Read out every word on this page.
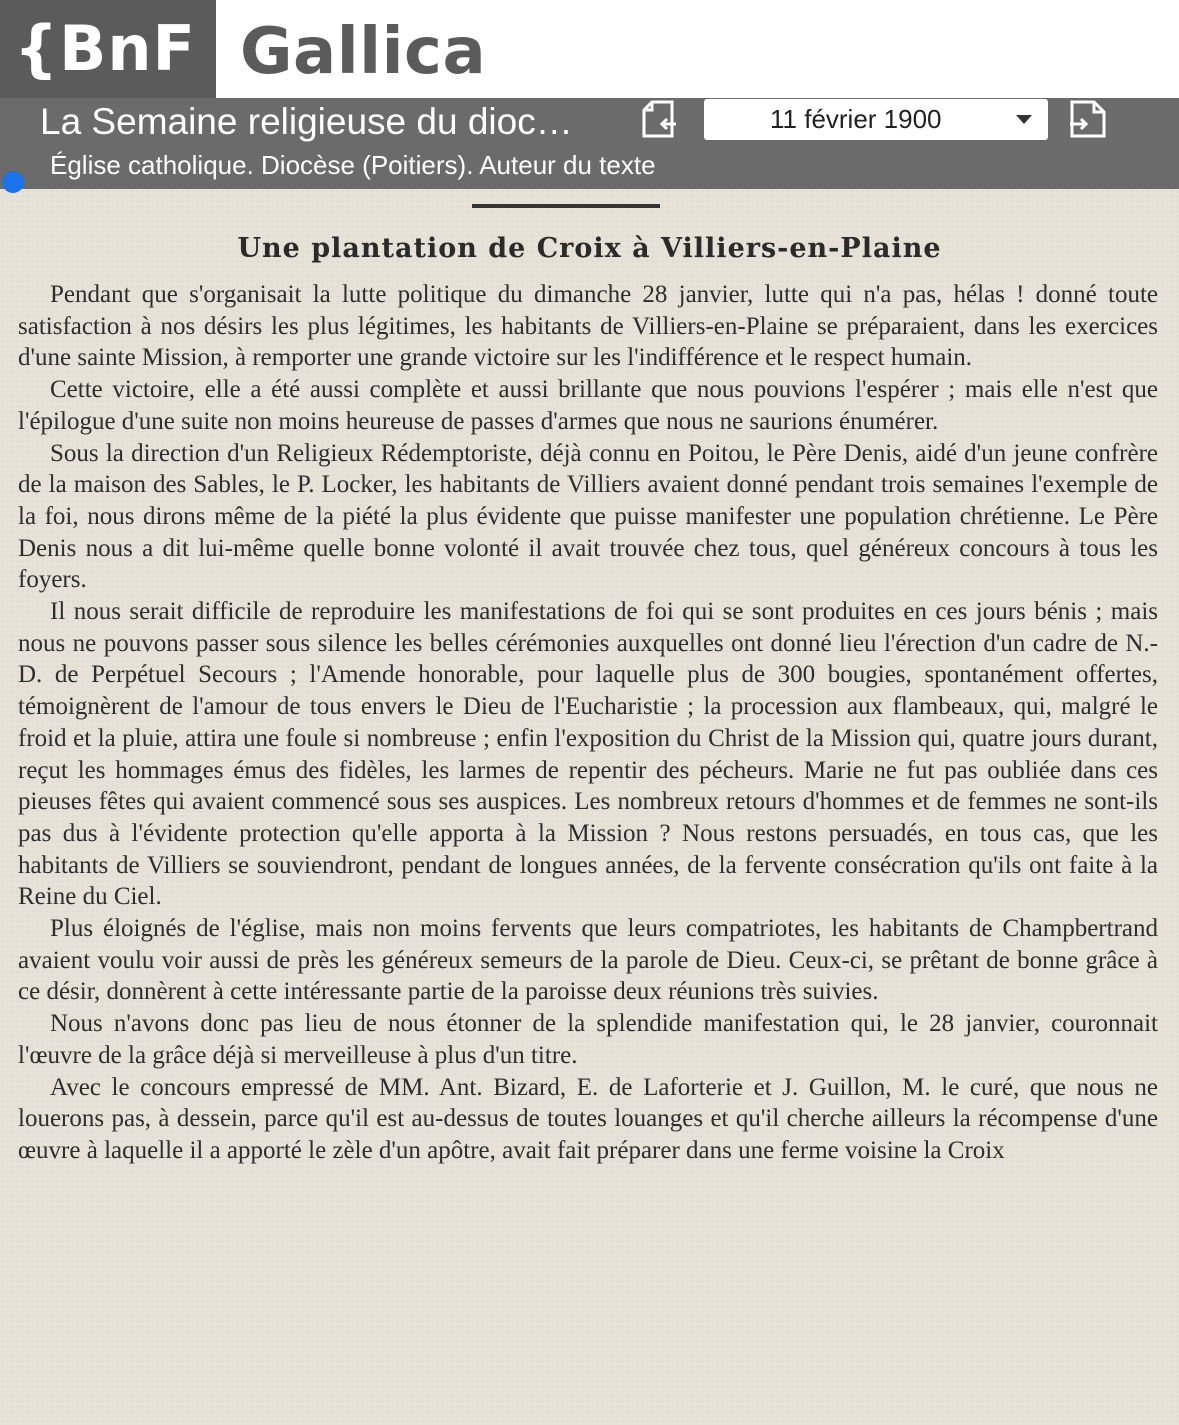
{BnF Gallica
La Semaine religieuse du dioc…
Église catholique. Diocèse (Poitiers). Auteur du texte
11 février 1900
Une plantation de Croix à Villiers-en-Plaine

Pendant que s'organisait la lutte politique du dimanche 28 janvier, lutte qui n'a pas, hélas ! donné toute satisfaction à nos désirs les plus légitimes, les habitants de Villiers-en-Plaine se préparaient, dans les exercices d'une sainte Mission, à remporter une grande victoire sur les l'indifférence et le respect humain.

Cette victoire, elle a été aussi complète et aussi brillante que nous pouvions l'espérer ; mais elle n'est que l'épilogue d'une suite non moins heureuse de passes d'armes que nous ne saurions énumérer.

Sous la direction d'un Religieux Rédemptoriste, déjà connu en Poitou, le Père Denis, aidé d'un jeune confrère de la maison des Sables, le P. Locker, les habitants de Villiers avaient donné pendant trois semaines l'exemple de la foi, nous dirons même de la piété la plus évidente que puisse manifester une population chrétienne. Le Père Denis nous a dit lui-même quelle bonne volonté il avait trouvée chez tous, quel généreux concours à tous les foyers.

Il nous serait difficile de reproduire les manifestations de foi qui se sont produites en ces jours bénis ; mais nous ne pouvons passer sous silence les belles cérémonies auxquelles ont donné lieu l'érection d'un cadre de N.-D. de Perpétuel Secours ; l'Amende honorable, pour laquelle plus de 300 bougies, spontanément offertes, témoignèrent de l'amour de tous envers le Dieu de l'Eucharistie ; la procession aux flambeaux, qui, malgré le froid et la pluie, attira une foule si nombreuse ; enfin l'exposition du Christ de la Mission qui, quatre jours durant, reçut les hommages émus des fidèles, les larmes de repentir des pécheurs. Marie ne fut pas oubliée dans ces pieuses fêtes qui avaient commencé sous ses auspices. Les nombreux retours d'hommes et de femmes ne sont-ils pas dus à l'évidente protection qu'elle apporta à la Mission ? Nous restons persuadés, en tous cas, que les habitants de Villiers se souviendront, pendant de longues années, de la fervente consécration qu'ils ont faite à la Reine du Ciel.

Plus éloignés de l'église, mais non moins fervents que leurs compatriotes, les habitants de Champbertrand avaient voulu voir aussi de près les généreux semeurs de la parole de Dieu. Ceux-ci, se prêtant de bonne grâce à ce désir, donnèrent à cette intéressante partie de la paroisse deux réunions très suivies.

Nous n'avons donc pas lieu de nous étonner de la splendide manifestation qui, le 28 janvier, couronnait l'œuvre de la grâce déjà si merveilleuse à plus d'un titre.

Avec le concours empressé de MM. Ant. Bizard, E. de Laforterie et J. Guillon, M. le curé, que nous ne louerons pas, à dessein, parce qu'il est au-dessus de toutes louanges et qu'il cherche ailleurs la récompense d'une œuvre à laquelle il a apporté le zèle d'un apôtre, avait fait préparer dans une ferme voisine la Croix
